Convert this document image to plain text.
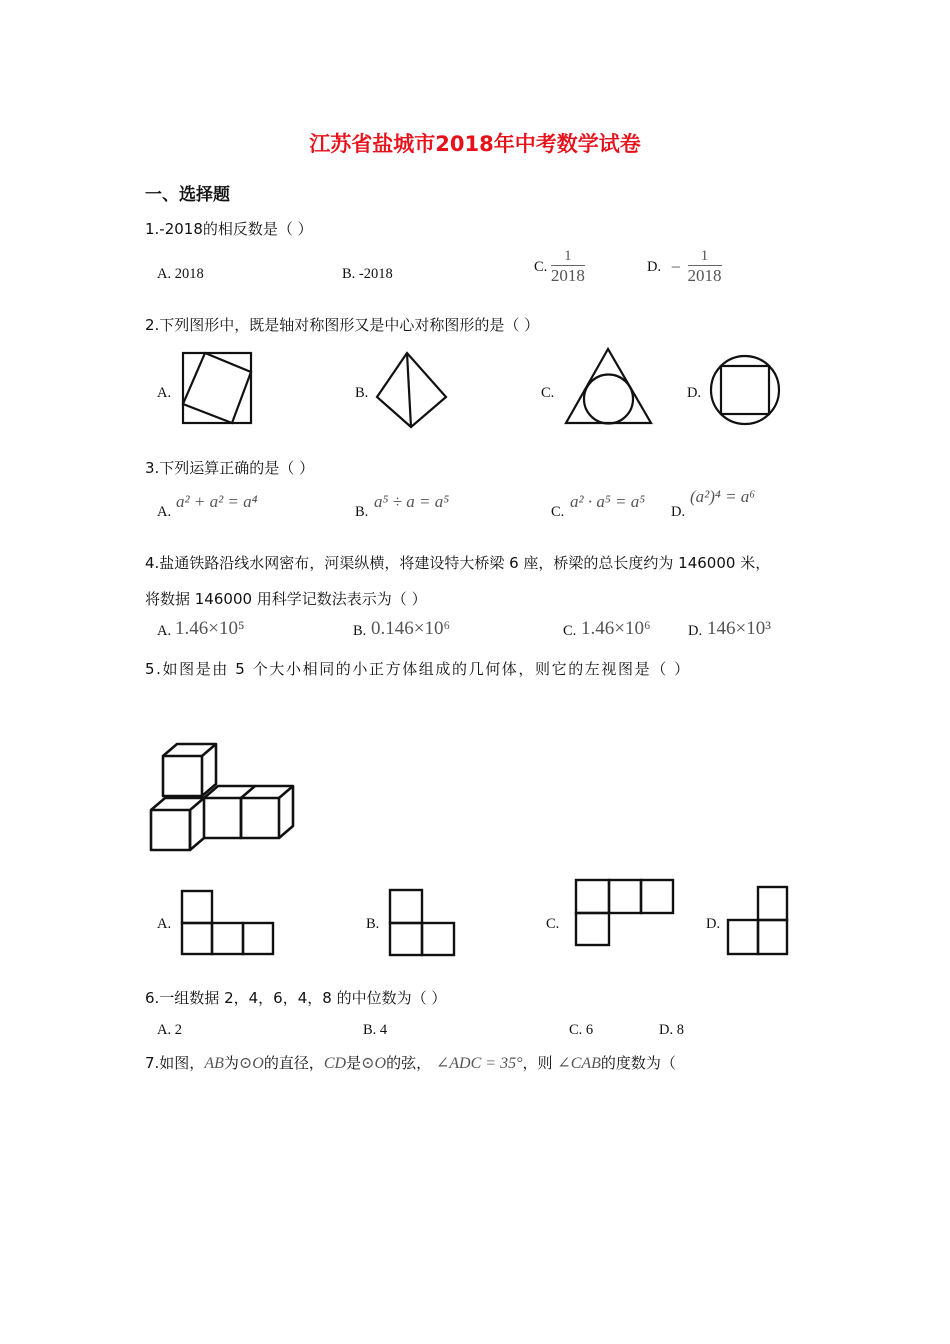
江苏省盐城市2018年中考数学试卷
一、选择题
1.-2018的相反数是（ ）
A. 2018	B. -2018	C. $\frac{1}{2018}$	D. − $\frac{1}{2018}$
2.下列图形中，既是轴对称图形又是中心对称图形的是（ ）
A.	B.	C.	D.
3.下列运算正确的是（ ）
A.
a² + a² = a⁴
B.
a⁵ ÷ a = a⁵
C.
a² · a⁵ = a⁵
D.
(a²)⁴ = a⁶
4.盐通铁路沿线水网密布，河渠纵横，将建设特大桥梁 6 座，桥梁的总长度约为 146000 米，
将数据 146000 用科学记数法表示为（ ）
A. 1.46×10⁵	B. 0.146×10⁶	C. 1.46×10⁶	D. 146×10³
5.如图是由 5 个大小相同的小正方体组成的几何体，则它的左视图是（ ）
A.	B.	C.	D.
6.一组数据 2，4，6，4，8 的中位数为（ ）
A. 2	B. 4	C. 6	D. 8
7.如图，AB为⊙O的直径，CD是⊙O的弦， ∠ADC = 35°，则 ∠CAB的度数为（
